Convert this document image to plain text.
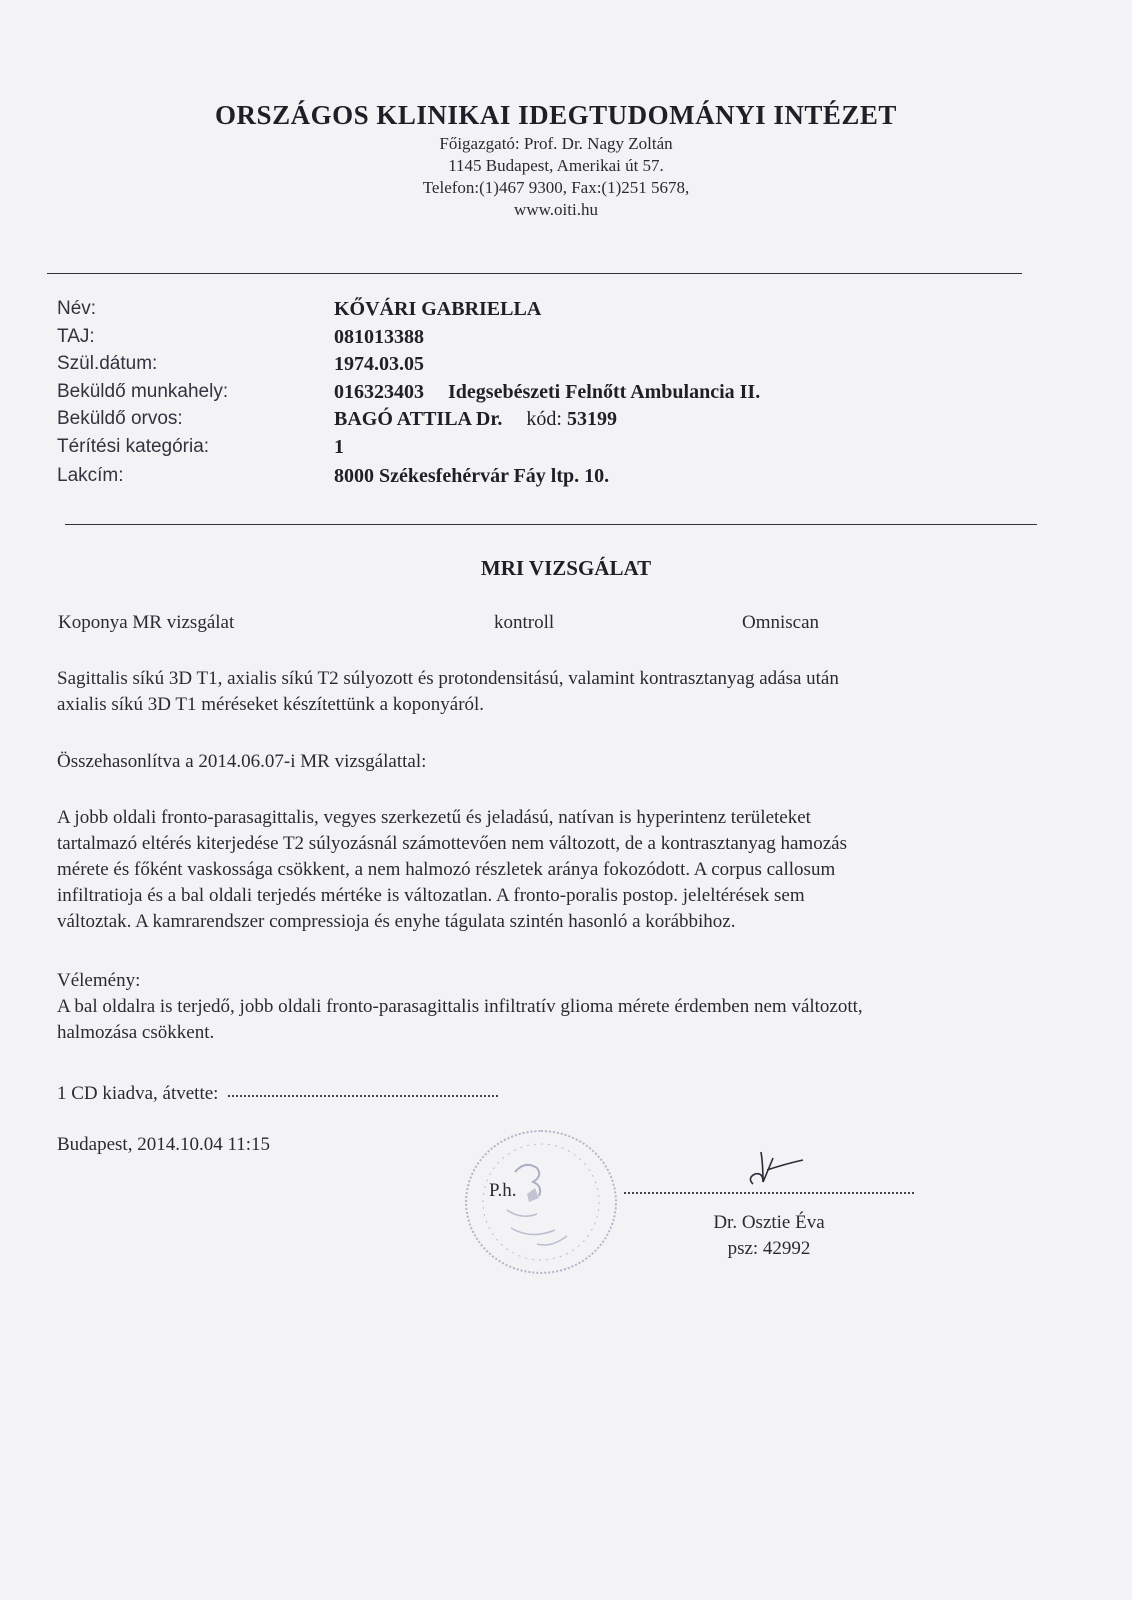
ORSZÁGOS KLINIKAI IDEGTUDOMÁNYI INTÉZET
Főigazgató: Prof. Dr. Nagy Zoltán
1145 Budapest, Amerikai út 57.
Telefon:(1)467 9300, Fax:(1)251 5678,
www.oiti.hu
Név:	KŐVÁRI GABRIELLA
TAJ:	081013388
Szül.dátum:	1974.03.05
Beküldő munkahely:	016323403 Idegsebészeti Felnőtt Ambulancia II.
Beküldő orvos:	BAGÓ ATTILA Dr. kód: 53199
Térítési kategória:	1
Lakcím:	8000 Székesfehérvár Fáy ltp. 10.
MRI VIZSGÁLAT
Koponya MR vizsgálat	kontroll	Omniscan
Sagittalis síkú 3D T1, axialis síkú T2 súlyozott és protondensitású, valamint kontrasztanyag adása után
axialis síkú 3D T1 méréseket készítettünk a koponyáról.
Összehasonlítva a 2014.06.07-i MR vizsgálattal:
A jobb oldali fronto-parasagittalis, vegyes szerkezetű és jeladású, natívan is hyperintenz területeket
tartalmazó eltérés kiterjedése T2 súlyozásnál számottevően nem változott, de a kontrasztanyag hamozás
mérete és főként vaskossága csökkent, a nem halmozó részletek aránya fokozódott. A corpus callosum
infiltratioja és a bal oldali terjedés mértéke is változatlan. A fronto-poralis postop. jeleltérések sem
változtak. A kamrarendszer compressioja és enyhe tágulata szintén hasonló a korábbihoz.
Vélemény:
A bal oldalra is terjedő, jobb oldali fronto-parasagittalis infiltratív glioma mérete érdemben nem változott,
halmozása csökkent.
1 CD kiadva, átvette:
Budapest, 2014.10.04 11:15
P.h.
Dr. Osztie Éva
psz: 42992
